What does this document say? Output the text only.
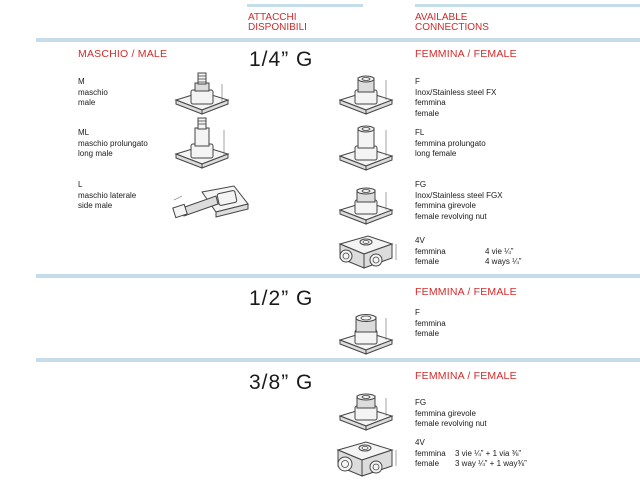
ATTACCHI
DISPONIBILI
AVAILABLE
CONNECTIONS
MASCHIO / MALE	1/4” G	FEMMINA / FEMALE
M
maschio
male
ML
maschio prolungato
long male
L
maschio laterale
side male
F
Inox/Stainless steel FX
femmina
female
FL
femmina prolungato
long female
FG
Inox/Stainless steel FGX
femmina girevole
female revolving nut
4V
femmina	4 vie ¼”
female	4 ways ¼”
1/2” G	FEMMINA / FEMALE
F
femmina
female
3/8” G	FEMMINA / FEMALE
FG
femmina girevole
female revolving nut
4V
femmina	3 vie ¼” + 1 via ⅜”
female	3 way ¼” + 1 way⅜”
